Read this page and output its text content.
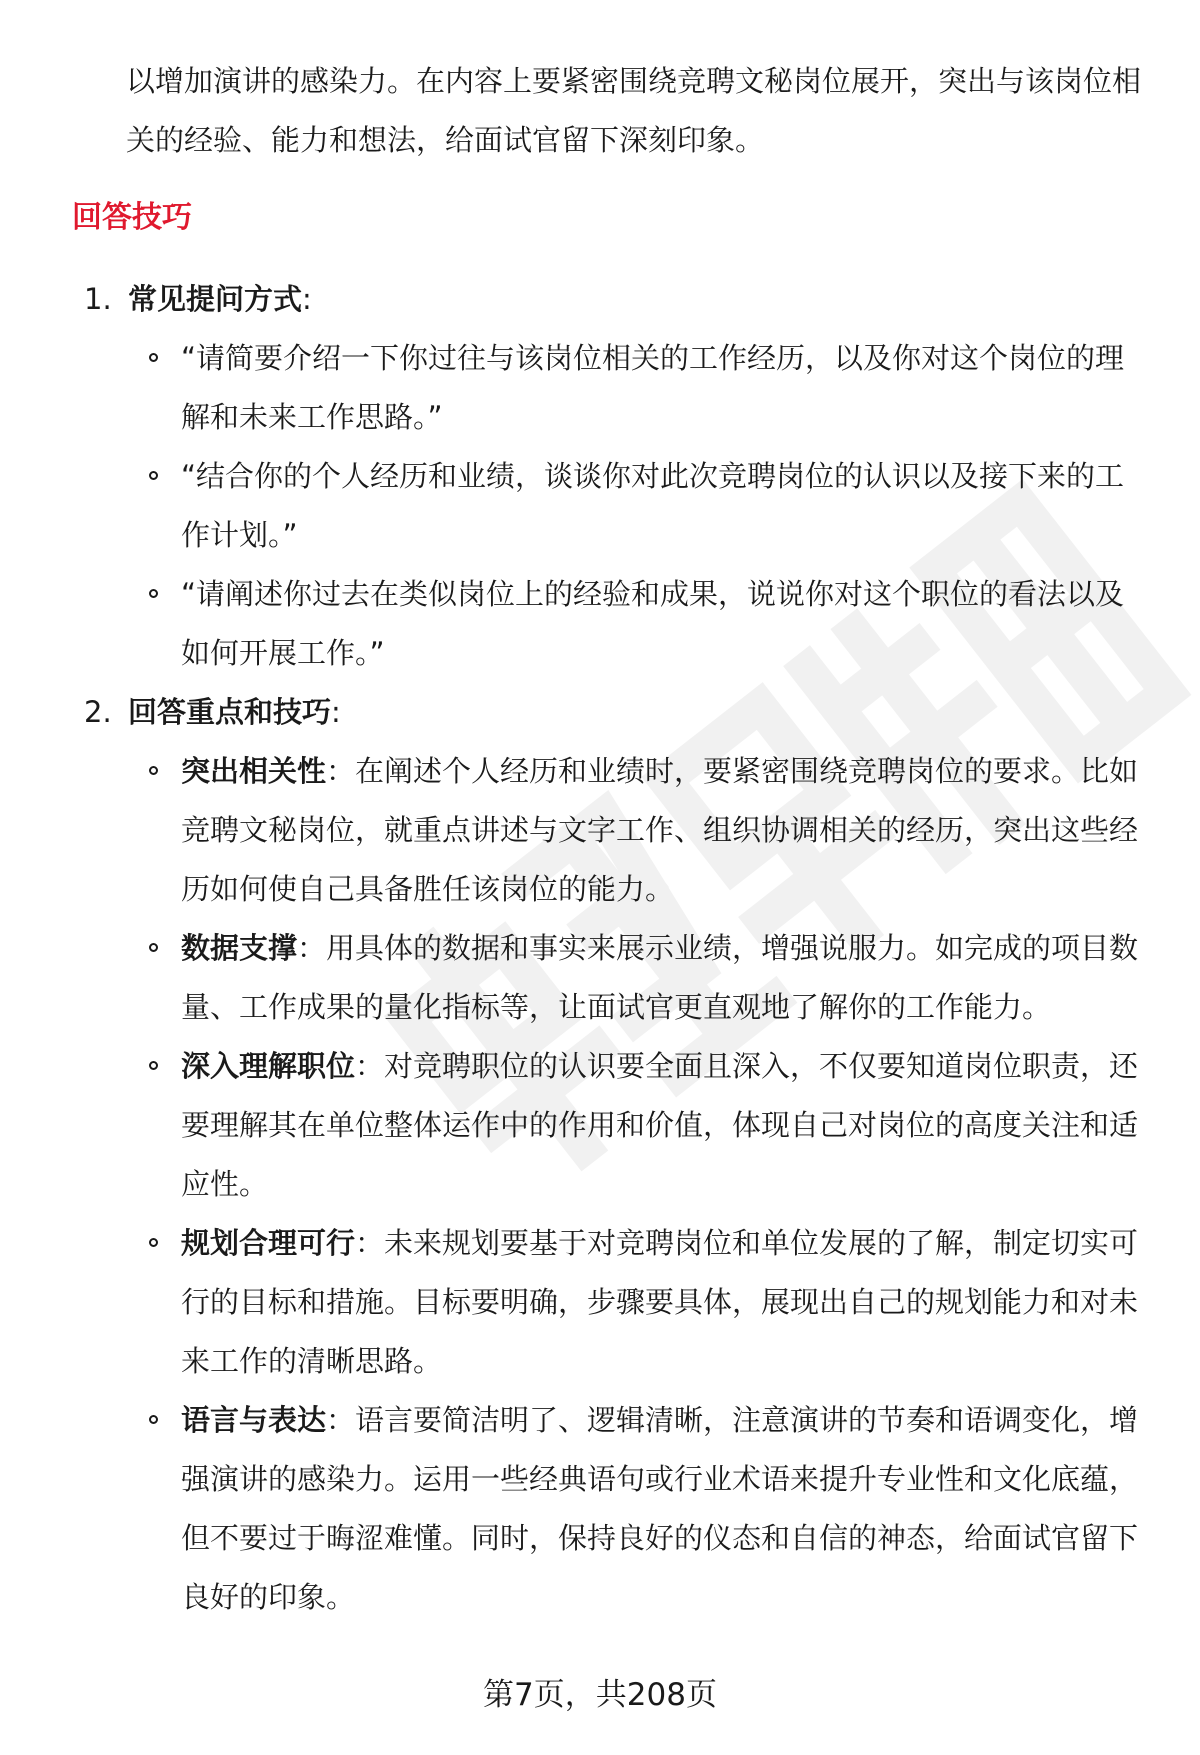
以增加演讲的感染力。在内容上要紧密围绕竞聘文秘岗位展开，突出与该岗位相关的经验、能力和想法，给面试官留下深刻印象。

回答技巧
1. 常见提问方式:
“请简要介绍一下你过往与该岗位相关的工作经历，以及你对这个岗位的理解和未来工作思路。”
“结合你的个人经历和业绩，谈谈你对此次竞聘岗位的认识以及接下来的工作计划。”
“请阐述你过去在类似岗位上的经验和成果，说说你对这个职位的看法以及如何开展工作。”
2. 回答重点和技巧:
突出相关性：在阐述个人经历和业绩时，要紧密围绕竞聘岗位的要求。比如竞聘文秘岗位，就重点讲述与文字工作、组织协调相关的经历，突出这些经历如何使自己具备胜任该岗位的能力。
数据支撑：用具体的数据和事实来展示业绩，增强说服力。如完成的项目数量、工作成果的量化指标等，让面试官更直观地了解你的工作能力。
深入理解职位：对竞聘职位的认识要全面且深入，不仅要知道岗位职责，还要理解其在单位整体运作中的作用和价值，体现自己对岗位的高度关注和适应性。
规划合理可行：未来规划要基于对竞聘岗位和单位发展的了解，制定切实可行的目标和措施。目标要明确，步骤要具体，展现出自己的规划能力和对未来工作的清晰思路。
语言与表达：语言要简洁明了、逻辑清晰，注意演讲的节奏和语调变化，增强演讲的感染力。运用一些经典语句或行业术语来提升专业性和文化底蕴，但不要过于晦涩难懂。同时，保持良好的仪态和自信的神态，给面试官留下良好的印象。
第7页，共208页
